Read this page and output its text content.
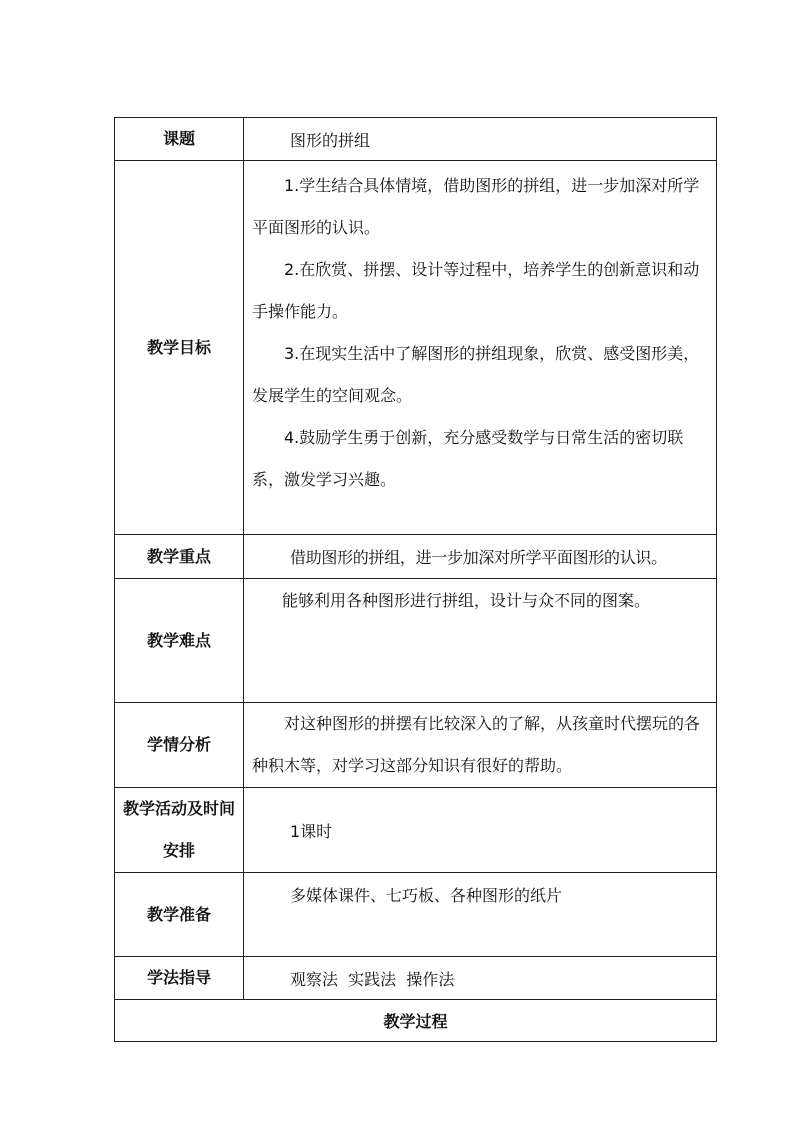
课题	图形的拼组

教学目标	1.学生结合具体情境，借助图形的拼组，进一步加深对所学平面图形的认识。

2.在欣赏、拼摆、设计等过程中，培养学生的创新意识和动手操作能力。

3.在现实生活中了解图形的拼组现象，欣赏、感受图形美，发展学生的空间观念。

4.鼓励学生勇于创新，充分感受数学与日常生活的密切联系，激发学习兴趣。

教学重点	借助图形的拼组，进一步加深对所学平面图形的认识。

教学难点	能够利用各种图形进行拼组，设计与众不同的图案。

学情分析	对这种图形的拼摆有比较深入的了解，从孩童时代摆玩的各种积木等，对学习这部分知识有很好的帮助。

教学活动及时间安排	1课时

教学准备	多媒体课件、七巧板、各种图形的纸片

学法指导	观察法  实践法  操作法

教学过程	
